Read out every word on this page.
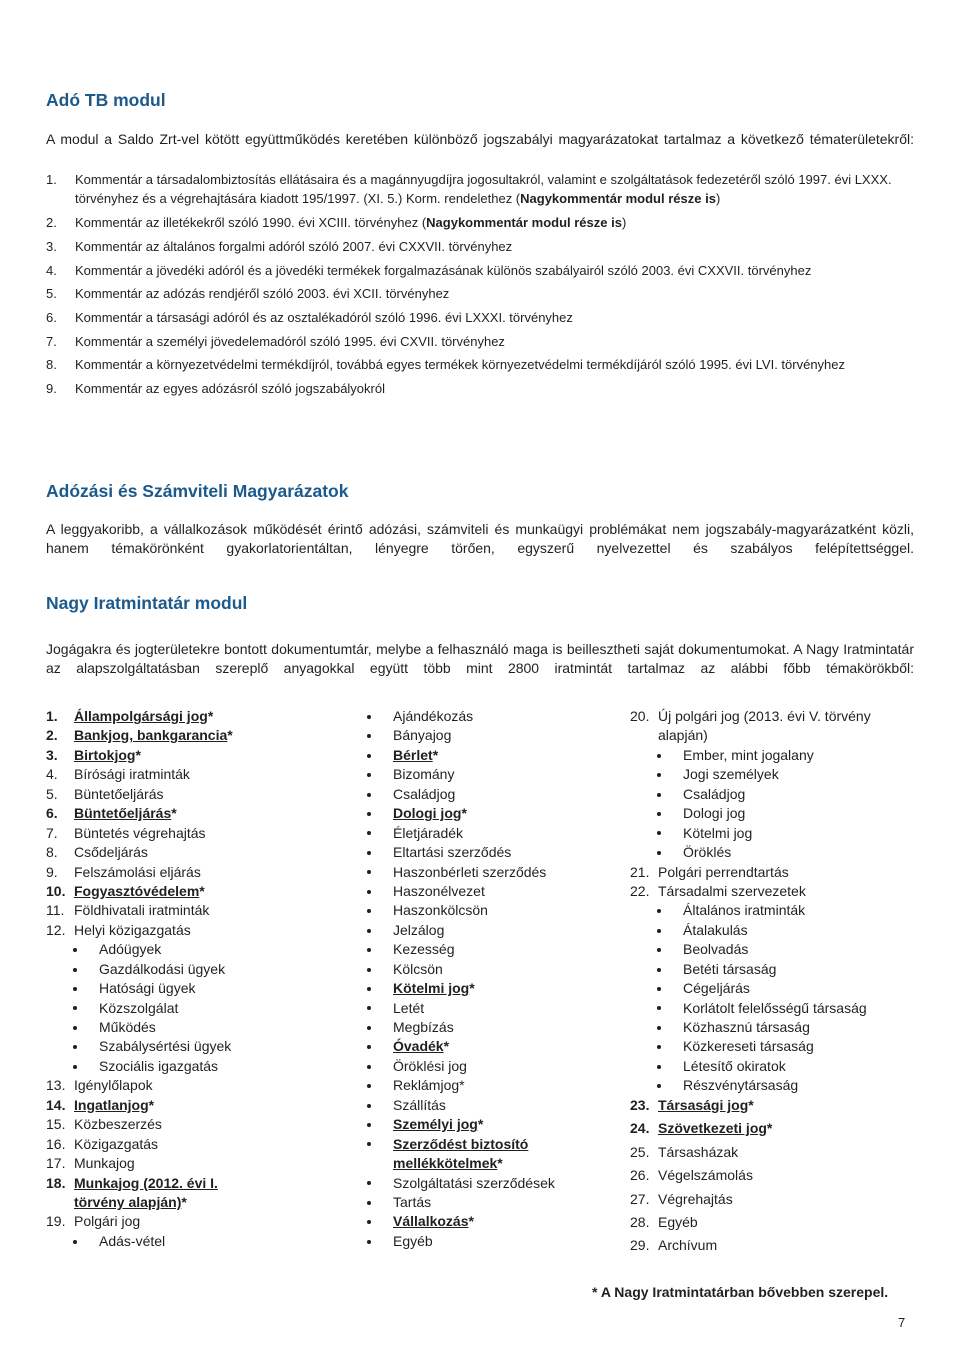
Adó TB modul

A modul a Saldo Zrt-vel kötött együttműködés keretében különböző jogszabályi magyarázatokat tartalmaz a következő tématerületekről:

1.	Kommentár a társadalombiztosítás ellátásaira és a magánnyugdíjra jogosultakról, valamint e szolgáltatások fedezetéről szóló 1997. évi LXXX. törvényhez és a végrehajtására kiadott 195/1997. (XI. 5.) Korm. rendelethez (Nagykommentár modul része is)
2.	Kommentár az illetékekről szóló 1990. évi XCIII. törvényhez (Nagykommentár modul része is)
3.	Kommentár az általános forgalmi adóról szóló 2007. évi CXXVII. törvényhez
4.	Kommentár a jövedéki adóról és a jövedéki termékek forgalmazásának különös szabályairól szóló 2003. évi CXXVII. törvényhez
5.	Kommentár az adózás rendjéről szóló 2003. évi XCII. törvényhez
6.	Kommentár a társasági adóról és az osztalékadóról szóló 1996. évi LXXXI. törvényhez
7.	Kommentár a személyi jövedelemadóról szóló 1995. évi CXVII. törvényhez
8.	Kommentár a környezetvédelmi termékdíjról, továbbá egyes termékek környezetvédelmi termékdíjáról szóló 1995. évi LVI. törvényhez
9.	Kommentár az egyes adózásról szóló jogszabályokról
Adózási és Számviteli Magyarázatok

A leggyakoribb, a vállalkozások működését érintő adózási, számviteli és munkaügyi problémákat nem jogszabály-magyarázatként közli, hanem témakörönként gyakorlatorientáltan, lényegre törően, egyszerű nyelvezettel és szabályos felépítettséggel.

Nagy Iratmintatár modul

Jogágakra és jogterületekre bontott dokumentumtár, melybe a felhasználó maga is beillesztheti saját dokumentumokat. A Nagy Iratmintatár az alapszolgáltatásban szereplő anyagokkal együtt több mint 2800 iratmintát tartalmaz az alábbi főbb témakörökből:

1.	Állampolgársági jog *
2.	Bankjog, bankgarancia *
3.	Birtokjog *
4.	Bírósági iratminták
5.	Büntetőeljárás
6.	Büntetőeljárás *
7.	Büntetés végrehajtás
8.	Csődeljárás
9.	Felszámolási eljárás
10. Fogyasztóvédelem *
11. Földhivatali iratminták
12. Helyi közigazgatás
Adóügyek
Gazdálkodási ügyek
Hatósági ügyek
Közszolgálat
Működés
Szabálysértési ügyek
Szociális igazgatás
13. Igénylőlapok
14. Ingatlanjog *
15. Közbeszerzés
16. Közigazgatás
17. Munkajog
18. Munkajog (2012. évi I.
törvény alapján) *
19. Polgári jog
Adás-vétel
Ajándékozás
Bányajog
Bérlet *
Bizomány
Családjog
Dologi jog *
Életjáradék
Eltartási szerződés
Haszonbérleti szerződés
Haszonélvezet
Haszonkölcsön
Jelzálog
Kezesség
Kölcsön
Kötelmi jog *
Letét
Megbízás
Óvadék *
Öröklési jog
Reklámjog*
Szállítás
Személyi jog *
Szerződést biztosító
mellékkötelmek *
Szolgáltatási szerződések
Tartás
Vállalkozás *
Egyéb
20. Új polgári jog (2013. évi V. törvény
alapján)
Ember, mint jogalany
Jogi személyek
Családjog
Dologi jog
Kötelmi jog
Öröklés
21. Polgári perrendtartás
22. Társadalmi szervezetek
Általános iratminták
Átalakulás
Beolvadás
Betéti társaság
Cégeljárás
Korlátolt felelősségű társaság
Közhasznú társaság
Közkereseti társaság
Létesítő okiratok
Részvénytársaság
23. Társasági jog *
24. Szövetkezeti jog *
25. Társasházak
26. Végelszámolás
27. Végrehajtás
28. Egyéb
29. Archívum
* A Nagy Iratmintatárban bővebben szerepel.
7
